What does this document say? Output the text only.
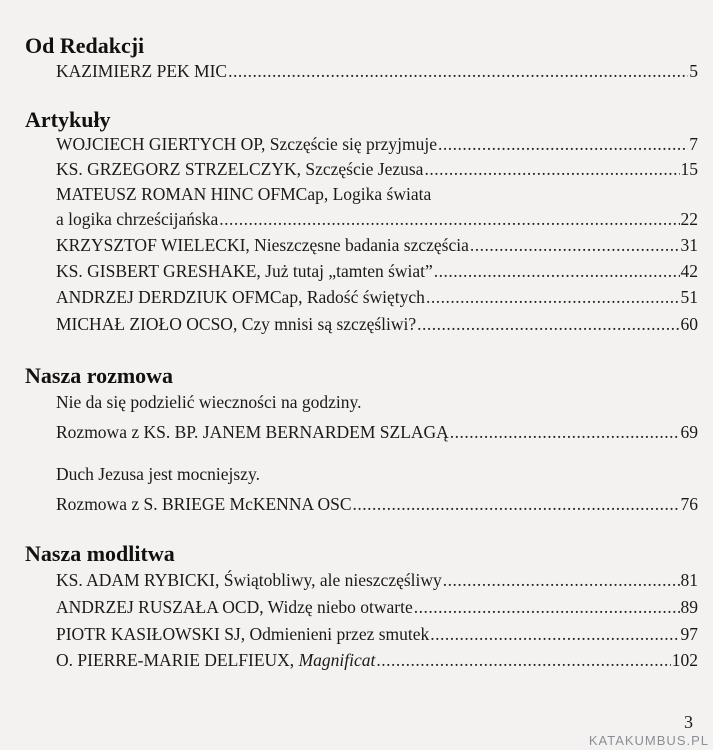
Od Redakcji
KAZIMIERZ PEK MIC .....	5
Artykuły
WOJCIECH GIERTYCH OP, Szczęście się przyjmuje .....	7
KS. GRZEGORZ STRZELCZYK, Szczęście Jezusa .....	15
MATEUSZ ROMAN HINC OFMCap, Logika świata
a logika chrześcijańska .....	22
KRZYSZTOF WIELECKI, Nieszczęsne badania szczęścia .....	31
KS. GISBERT GRESHAKE, Już tutaj „tamten świat” .....	42
ANDRZEJ DERDZIUK OFMCap, Radość świętych .....	51
MICHAŁ ZIOŁO OCSO, Czy mnisi są szczęśliwi? .....	60
Nasza rozmowa
Nie da się podzielić wieczności na godziny.
Rozmowa z KS. BP. JANEM BERNARDEM SZLAGĄ .....	69
Duch Jezusa jest mocniejszy.
Rozmowa z S. BRIEGE McKENNA OSC .....	76
Nasza modlitwa
KS. ADAM RYBICKI, Świątobliwy, ale nieszczęśliwy .....	81
ANDRZEJ RUSZAŁA OCD, Widzę niebo otwarte .....	89
PIOTR KASIŁOWSKI SJ, Odmienieni przez smutek .....	97
O. PIERRE-MARIE DELFIEUX, Magnificat .....	102
3
KATAKUMBUS.PL
